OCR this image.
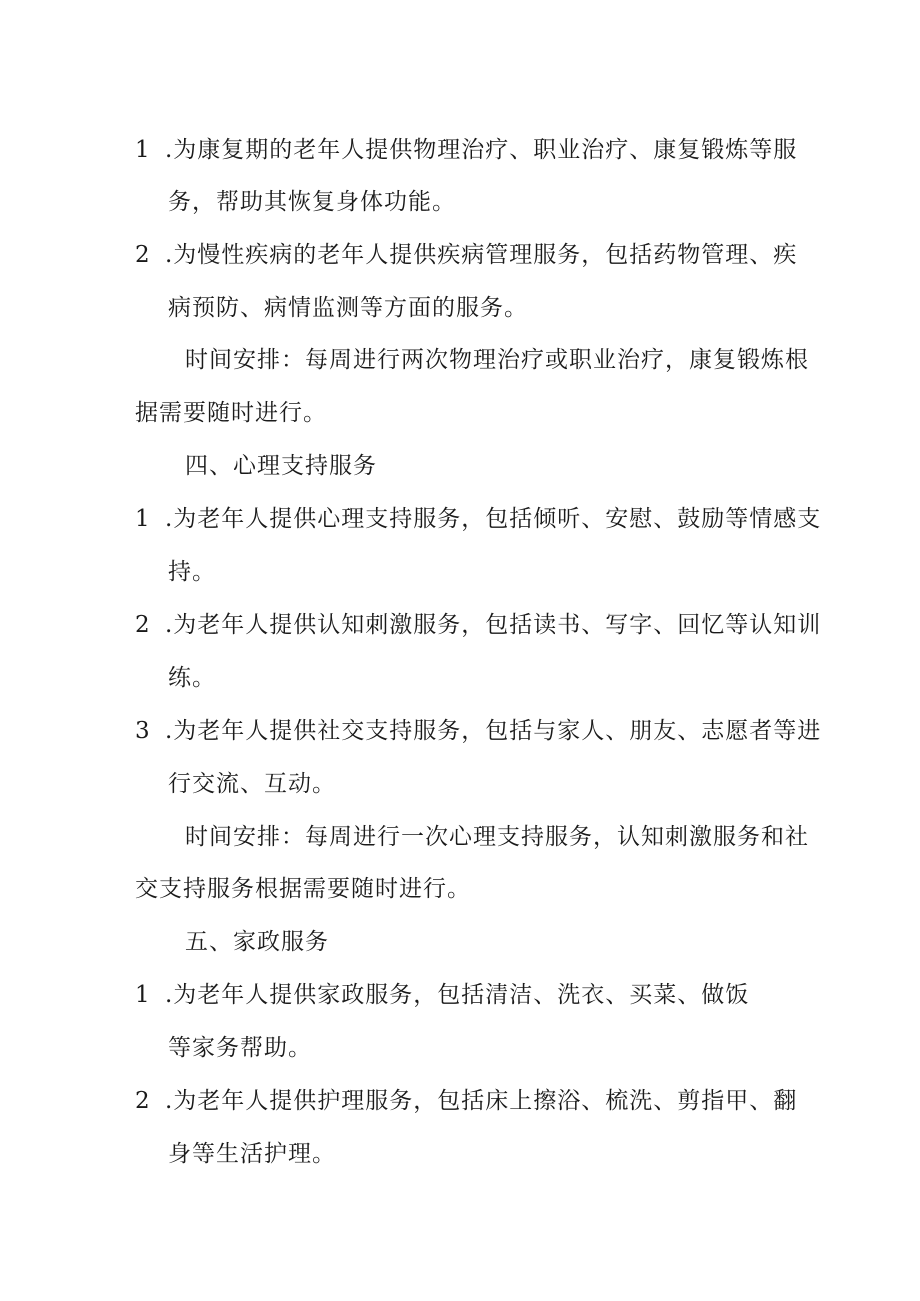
1 .为康复期的老年人提供物理治疗、职业治疗、康复锻炼等服
务，帮助其恢复身体功能。
2 .为慢性疾病的老年人提供疾病管理服务，包括药物管理、疾
病预防、病情监测等方面的服务。
时间安排：每周进行两次物理治疗或职业治疗，康复锻炼根
据需要随时进行。
四、心理支持服务
1 .为老年人提供心理支持服务，包括倾听、安慰、鼓励等情感支
持。
2 .为老年人提供认知刺激服务，包括读书、写字、回忆等认知训
练。
3 .为老年人提供社交支持服务，包括与家人、朋友、志愿者等进
行交流、互动。
时间安排：每周进行一次心理支持服务，认知刺激服务和社
交支持服务根据需要随时进行。
五、家政服务
1 .为老年人提供家政服务，包括清洁、洗衣、买菜、做饭
等家务帮助。
2 .为老年人提供护理服务，包括床上擦浴、梳洗、剪指甲、翻
身等生活护理。
